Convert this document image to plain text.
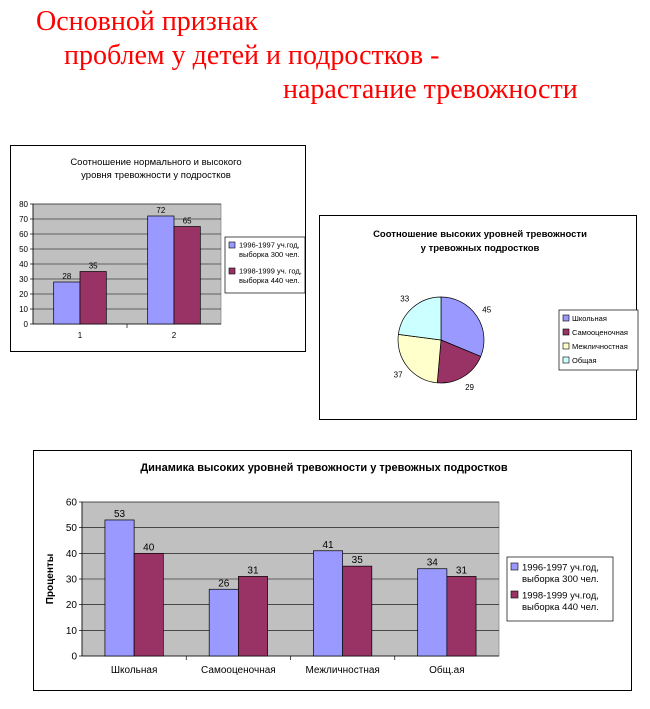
Основной признак
проблем у детей и подростков -
нарастание тревожности
Соотношение нормального и высокого
уровня тревожности у подростков
0
10
20
30
40
50
60
70
80
28
35
1
72
65
2
1996-1997 уч.год,
выборка 300 чел.
1998-1999 уч. год,
выборка 440 чел.
Соотношение высоких уровней тревожности
у тревожных подростков
45
29
37
33
Школьная
Самооценочная
Межличностная
Общая
Динамика высоких уровней тревожности у тревожных подростков
0
10
20
30
40
50
60
53
40
Школьная
26
31
Самооценочная
41
35
Межличностная
34
31
Общ.ая
Проценты	1996-1997 уч.год,
выборка 300 чел.
1998-1999 уч.год,
выборка 440 чел.
